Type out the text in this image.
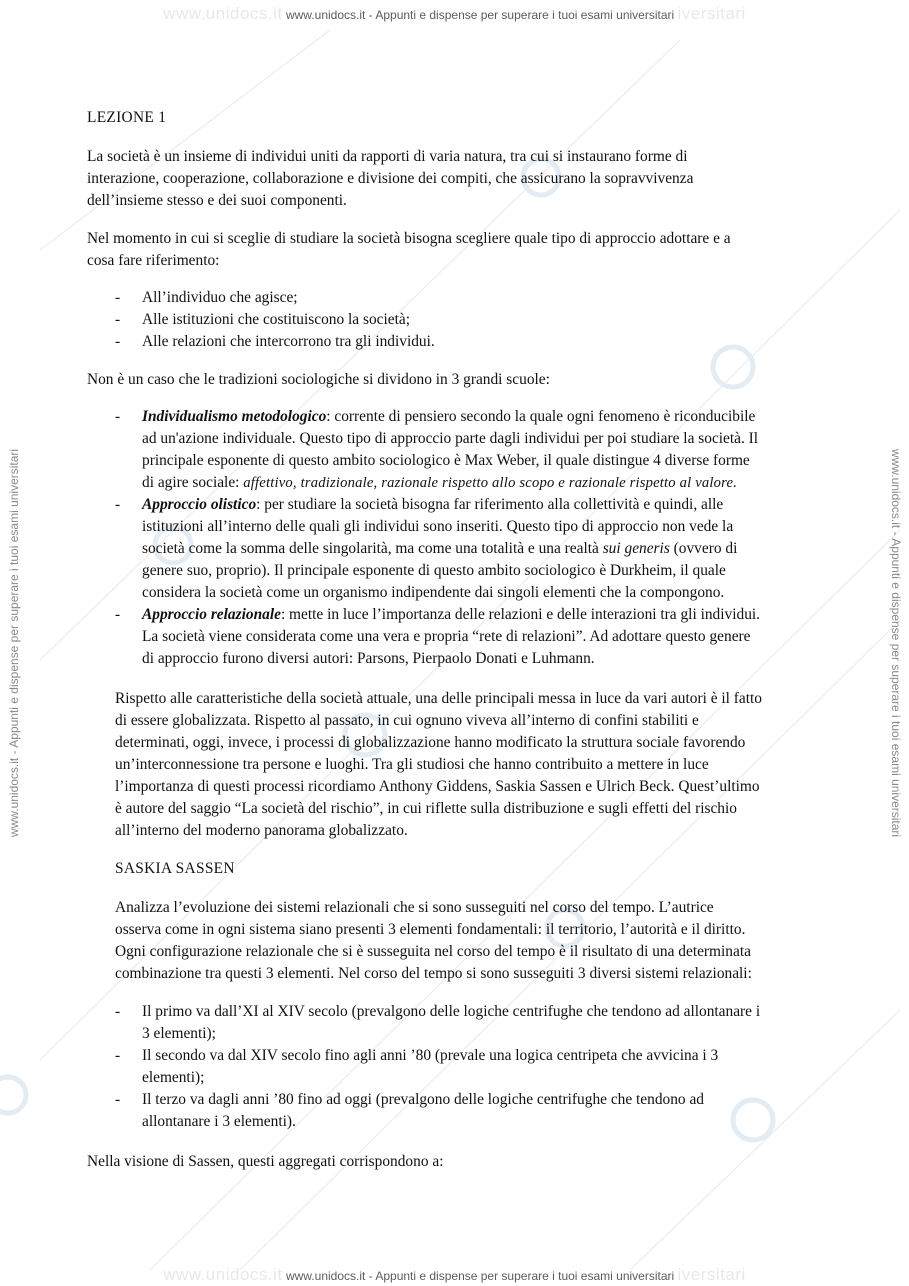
www.unidocs.it www.unidocs.it - Appunti e dispense per superare i tuoi esami universitari iversitari
www.unidocs.it www.unidocs.it - Appunti e dispense per superare i tuoi esami universitari iversitari
www.unidocs.it - Appunti e dispense per superare i tuoi esami universitari	www.unidocs.it - Appunti e dispense per superare i tuoi esami universitari
LEZIONE 1
La società è un insieme di individui uniti da rapporti di varia natura, tra cui si instaurano forme di
interazione, cooperazione, collaborazione e divisione dei compiti, che assicurano la sopravvivenza
dell’insieme stesso e dei suoi componenti.
Nel momento in cui si sceglie di studiare la società bisogna scegliere quale tipo di approccio adottare e a
cosa fare riferimento:
- All’individuo che agisce;
- Alle istituzioni che costituiscono la società;
- Alle relazioni che intercorrono tra gli individui.
Non è un caso che le tradizioni sociologiche si dividono in 3 grandi scuole:
- Individualismo metodologico: corrente di pensiero secondo la quale ogni fenomeno è riconducibile
ad un'azione individuale. Questo tipo di approccio parte dagli individui per poi studiare la società. Il
principale esponente di questo ambito sociologico è Max Weber, il quale distingue 4 diverse forme
di agire sociale: affettivo, tradizionale, razionale rispetto allo scopo e razionale rispetto al valore.
- Approccio olistico: per studiare la società bisogna far riferimento alla collettività e quindi, alle
istituzioni all’interno delle quali gli individui sono inseriti. Questo tipo di approccio non vede la
società come la somma delle singolarità, ma come una totalità e una realtà sui generis (ovvero di
genere suo, proprio). Il principale esponente di questo ambito sociologico è Durkheim, il quale
considera la società come un organismo indipendente dai singoli elementi che la compongono.
- Approccio relazionale: mette in luce l’importanza delle relazioni e delle interazioni tra gli individui.
La società viene considerata come una vera e propria “rete di relazioni”. Ad adottare questo genere
di approccio furono diversi autori: Parsons, Pierpaolo Donati e Luhmann.
Rispetto alle caratteristiche della società attuale, una delle principali messa in luce da vari autori è il fatto
di essere globalizzata. Rispetto al passato, in cui ognuno viveva all’interno di confini stabiliti e
determinati, oggi, invece, i processi di globalizzazione hanno modificato la struttura sociale favorendo
un’interconnessione tra persone e luoghi. Tra gli studiosi che hanno contribuito a mettere in luce
l’importanza di questi processi ricordiamo Anthony Giddens, Saskia Sassen e Ulrich Beck. Quest’ultimo
è autore del saggio “La società del rischio”, in cui riflette sulla distribuzione e sugli effetti del rischio
all’interno del moderno panorama globalizzato.
SASKIA SASSEN
Analizza l’evoluzione dei sistemi relazionali che si sono susseguiti nel corso del tempo. L’autrice
osserva come in ogni sistema siano presenti 3 elementi fondamentali: il territorio, l’autorità e il diritto.
Ogni configurazione relazionale che si è susseguita nel corso del tempo è il risultato di una determinata
combinazione tra questi 3 elementi. Nel corso del tempo si sono susseguiti 3 diversi sistemi relazionali:
- Il primo va dall’XI al XIV secolo (prevalgono delle logiche centrifughe che tendono ad allontanare i
3 elementi);
- Il secondo va dal XIV secolo fino agli anni ’80 (prevale una logica centripeta che avvicina i 3
elementi);
- Il terzo va dagli anni ’80 fino ad oggi (prevalgono delle logiche centrifughe che tendono ad
allontanare i 3 elementi).
Nella visione di Sassen, questi aggregati corrispondono a:
